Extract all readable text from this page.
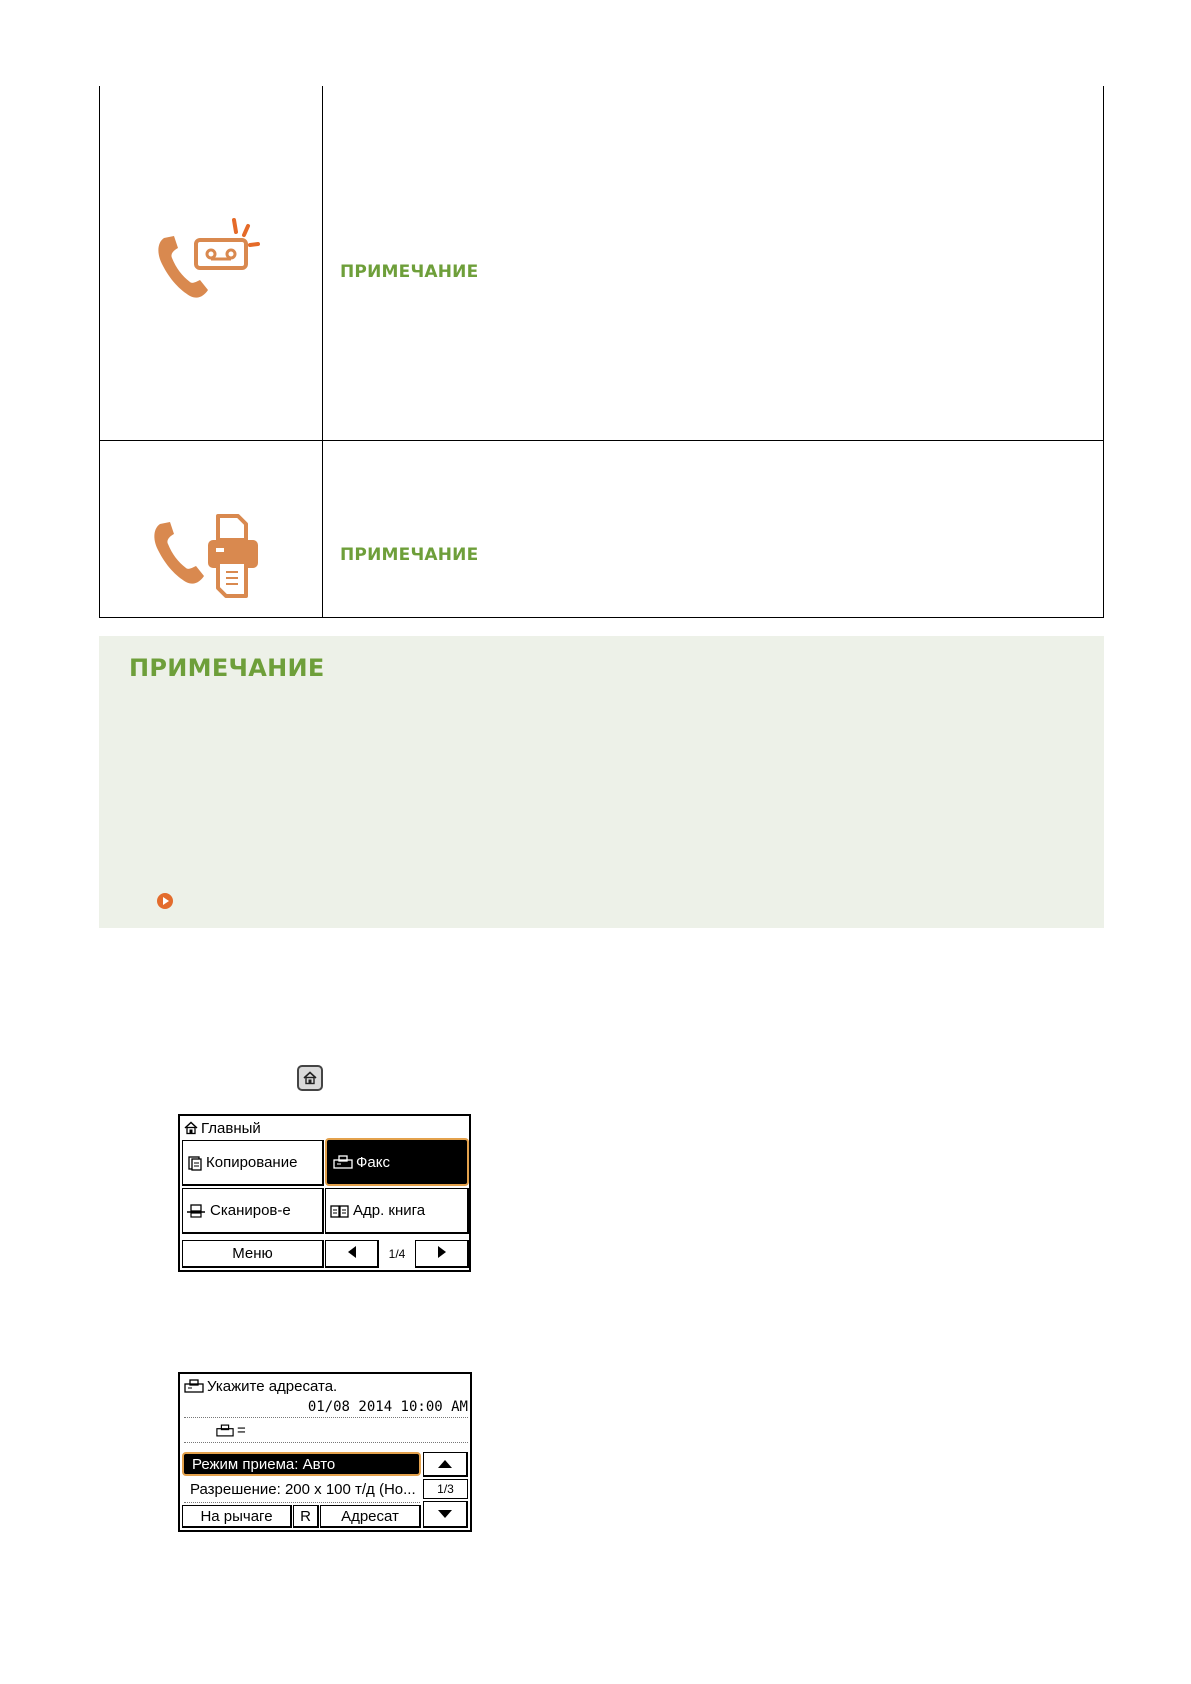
ПРИМЕЧАНИЕ
ПРИМЕЧАНИЕ
ПРИМЕЧАНИЕ
Главный
Копирование	Факс
Сканиров-е	Адр. книга
Меню	1/4
Укажите адресата.
01/08 2014 10:00 AM
=
Режим приема: Авто
Разрешение: 200 x 100 т/д (Но...	1/3
На рычаге	R	Адресат
